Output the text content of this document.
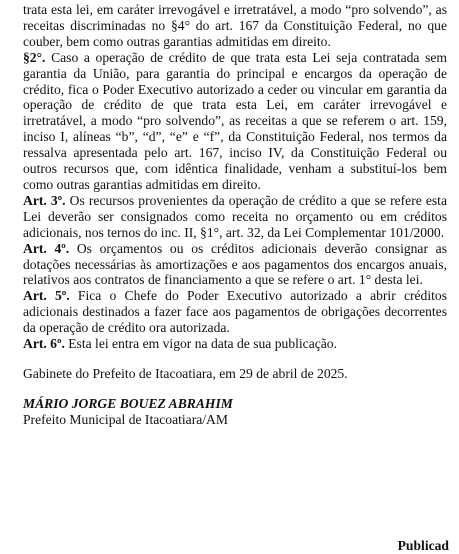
trata esta lei, em caráter irrevogável e irretratável, a modo “pro solvendo”, as receitas discriminadas no §4° do art. 167 da Constituição Federal, no que couber, bem como outras garantias admitidas em direito.

§2°. Caso a operação de crédito de que trata esta Lei seja contratada sem garantia da União, para garantia do principal e encargos da operação de crédito, fica o Poder Executivo autorizado a ceder ou vincular em garantia da operação de crédito de que trata esta Lei, em caráter irrevogável e irretratável, a modo “pro solvendo”, as receitas a que se referem o art. 159, inciso I, alíneas “b”, “d”, “e” e “f”, da Constituição Federal, nos termos da ressalva apresentada pelo art. 167, inciso IV, da Constituição Federal ou outros recursos que, com idêntica finalidade, venham a substituí-los bem como outras garantias admitidas em direito.

Art. 3º. Os recursos provenientes da operação de crédito a que se refere esta Lei deverão ser consignados como receita no orçamento ou em créditos adicionais, nos ternos do inc. II, §1°, art. 32, da Lei Complementar 101/2000.

Art. 4º. Os orçamentos ou os créditos adicionais deverão consignar as dotações necessárias às amortizações e aos pagamentos dos encargos anuais, relativos aos contratos de financiamento a que se refere o art. 1° desta lei.

Art. 5º. Fica o Chefe do Poder Executivo autorizado a abrir créditos adicionais destinados a fazer face aos pagamentos de obrigações decorrentes da operação de crédito ora autorizada.

Art. 6º. Esta lei entra em vigor na data de sua publicação.

Gabinete do Prefeito de Itacoatiara, em 29 de abril de 2025.

MÁRIO JORGE BOUEZ ABRAHIM

Prefeito Municipal de Itacoatiara/AM

Publicad
